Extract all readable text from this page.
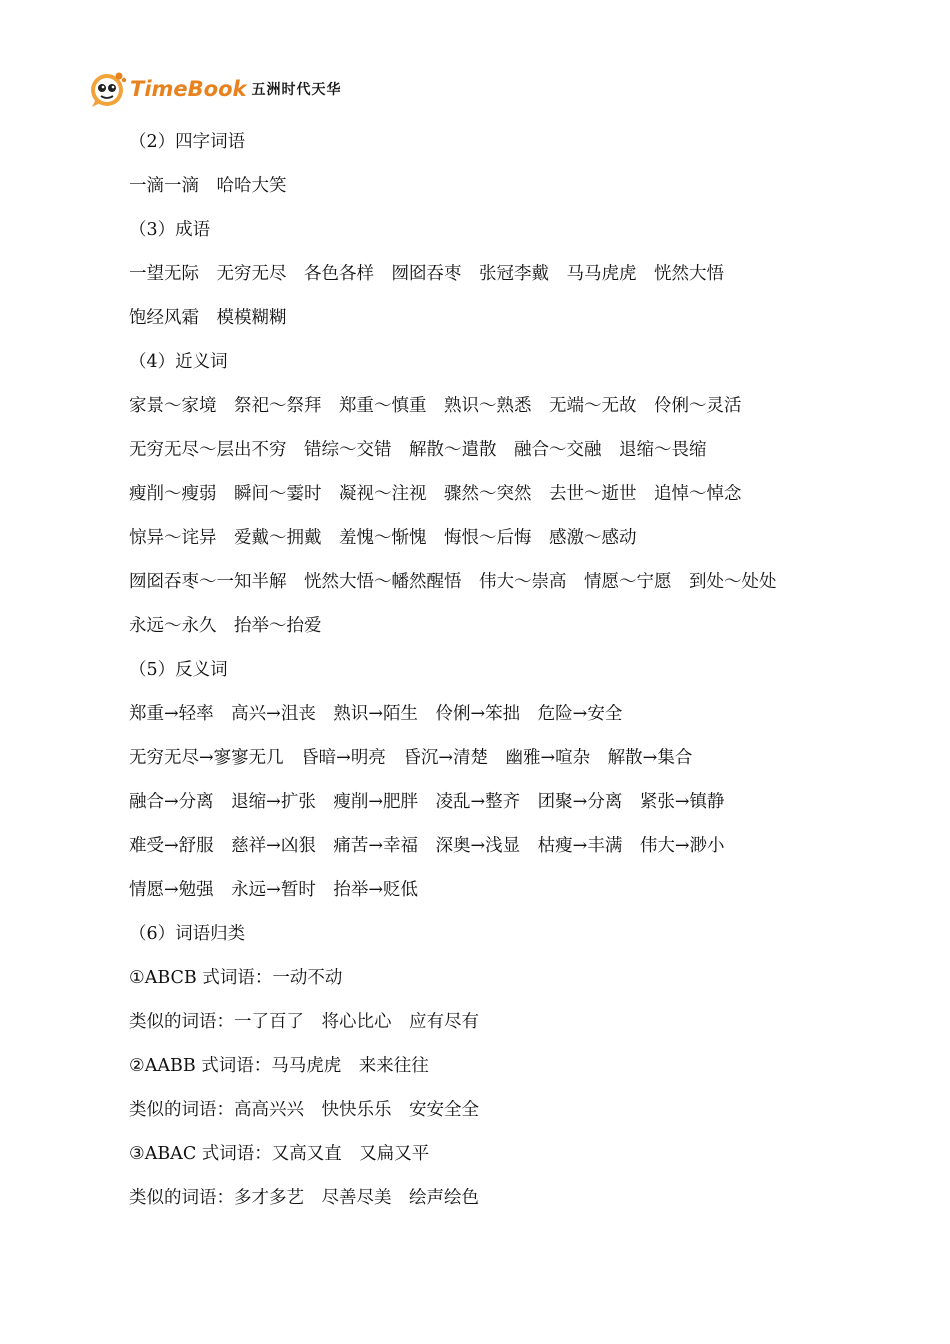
TimeBook 五洲时代天华
（2）四字词语
一滴一滴　哈哈大笑
（3）成语
一望无际　无穷无尽　各色各样　囫囵吞枣　张冠李戴　马马虎虎　恍然大悟
饱经风霜　模模糊糊
（4）近义词
家景～家境　祭祀～祭拜　郑重～慎重　熟识～熟悉　无端～无故　伶俐～灵活
无穷无尽～层出不穷　错综～交错　解散～遣散　融合～交融　退缩～畏缩
瘦削～瘦弱　瞬间～霎时　凝视～注视　骤然～突然　去世～逝世　追悼～悼念
惊异～诧异　爱戴～拥戴　羞愧～惭愧　悔恨～后悔　感激～感动
囫囵吞枣～一知半解　恍然大悟～幡然醒悟　伟大～崇高　情愿～宁愿　到处～处处
永远～永久　抬举～抬爱
（5）反义词
郑重→轻率　高兴→沮丧　熟识→陌生　伶俐→笨拙　危险→安全
无穷无尽→寥寥无几　昏暗→明亮　昏沉→清楚　幽雅→喧杂　解散→集合
融合→分离　退缩→扩张　瘦削→肥胖　凌乱→整齐　团聚→分离　紧张→镇静
难受→舒服　慈祥→凶狠　痛苦→幸福　深奥→浅显　枯瘦→丰满　伟大→渺小
情愿→勉强　永远→暂时　抬举→贬低
（6）词语归类
①ABCB 式词语：一动不动
类似的词语：一了百了　将心比心　应有尽有
②AABB 式词语：马马虎虎　来来往往
类似的词语：高高兴兴　快快乐乐　安安全全
③ABAC 式词语：又高又直　又扁又平
类似的词语：多才多艺　尽善尽美　绘声绘色
